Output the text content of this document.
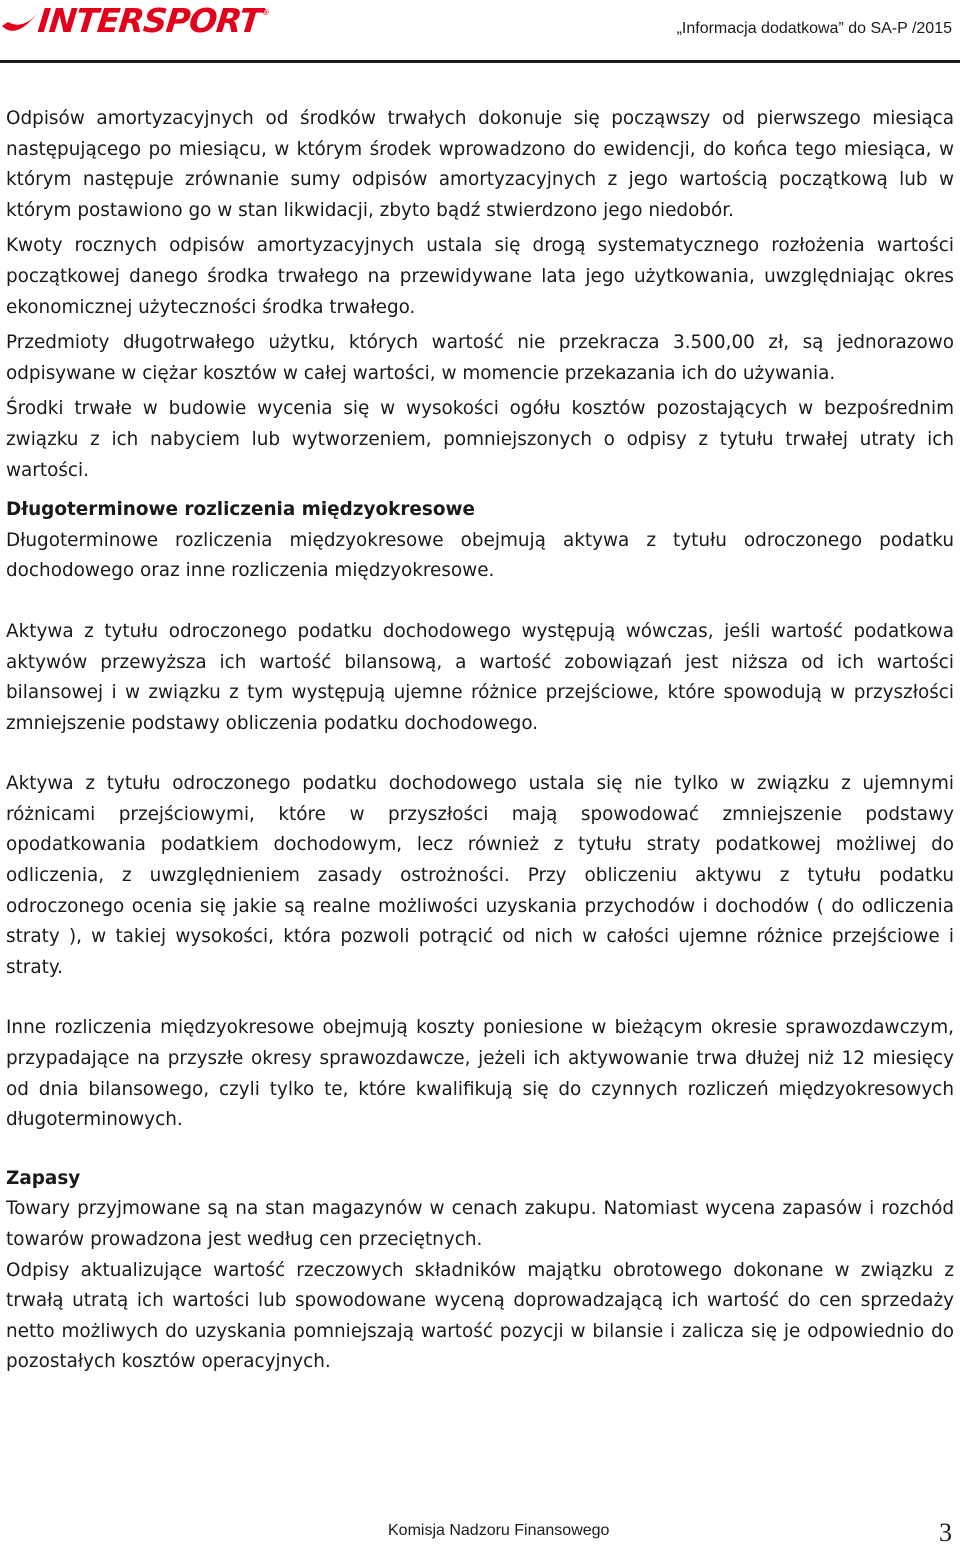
INTERSPORT
®
„Informacja dodatkowa” do SA-P /2015

Odpisów amortyzacyjnych od środków trwałych dokonuje się począwszy od pierwszego miesiąca następującego po miesiącu, w którym środek wprowadzono do ewidencji, do końca tego miesiąca, w którym następuje zrównanie sumy odpisów amortyzacyjnych z jego wartością początkową lub w którym postawiono go w stan likwidacji, zbyto bądź stwierdzono jego niedobór.

Kwoty rocznych odpisów amortyzacyjnych ustala się drogą systematycznego rozłożenia wartości początkowej danego środka trwałego na przewidywane lata jego użytkowania, uwzględniając okres ekonomicznej użyteczności środka trwałego.

Przedmioty długotrwałego użytku, których wartość nie przekracza 3.500,00 zł, są jednorazowo odpisywane w ciężar kosztów w całej wartości, w momencie przekazania ich do używania.

Środki trwałe w budowie wycenia się w wysokości ogółu kosztów pozostających w bezpośrednim związku z ich nabyciem lub wytworzeniem, pomniejszonych o odpisy z tytułu trwałej utraty ich wartości.

Długoterminowe rozliczenia międzyokresowe

Długoterminowe rozliczenia międzyokresowe obejmują aktywa z tytułu odroczonego podatku dochodowego oraz inne rozliczenia międzyokresowe.

Aktywa z tytułu odroczonego podatku dochodowego występują wówczas, jeśli wartość podatkowa aktywów przewyższa ich wartość bilansową, a wartość zobowiązań jest niższa od ich wartości bilansowej i w związku z tym występują ujemne różnice przejściowe, które spowodują w przyszłości zmniejszenie podstawy obliczenia podatku dochodowego.

Aktywa z tytułu odroczonego podatku dochodowego ustala się nie tylko w związku z ujemnymi różnicami przejściowymi, które w przyszłości mają spowodować zmniejszenie podstawy opodatkowania podatkiem dochodowym, lecz również z tytułu straty podatkowej możliwej do odliczenia, z uwzględnieniem zasady ostrożności. Przy obliczeniu aktywu z tytułu podatku odroczonego ocenia się jakie są realne możliwości uzyskania przychodów i dochodów ( do odliczenia straty ), w takiej wysokości, która pozwoli potrącić od nich w całości ujemne różnice przejściowe i straty.

Inne rozliczenia międzyokresowe obejmują koszty poniesione w bieżącym okresie sprawozdawczym, przypadające na przyszłe okresy sprawozdawcze, jeżeli ich aktywowanie trwa dłużej niż 12 miesięcy od dnia bilansowego, czyli tylko te, które kwalifikują się do czynnych rozliczeń międzyokresowych długoterminowych.

Zapasy

Towary przyjmowane są na stan magazynów w cenach zakupu. Natomiast wycena zapasów i rozchód towarów prowadzona jest według cen przeciętnych.

Odpisy aktualizujące wartość rzeczowych składników majątku obrotowego dokonane w związku z trwałą utratą ich wartości lub spowodowane wyceną doprowadzającą ich wartość do cen sprzedaży netto możliwych do uzyskania pomniejszają wartość pozycji w bilansie i zalicza się je odpowiednio do pozostałych kosztów operacyjnych.

Komisja Nadzoru Finansowego	3
